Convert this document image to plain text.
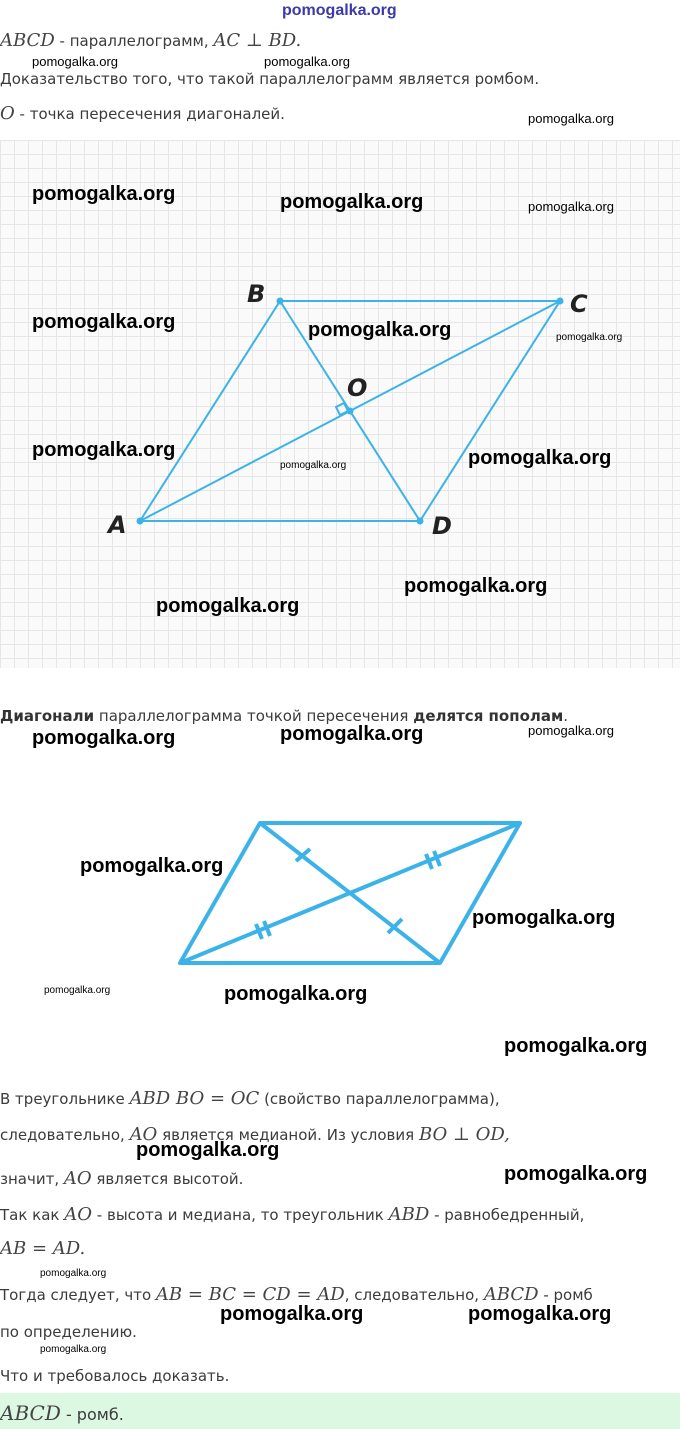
pomogalka.org
ABCD - параллелограмм, AC ⊥ BD.
Доказательство того, что такой параллелограмм является ромбом.
O - точка пересечения диагоналей.
A
B	C
D
O
Диагонали параллелограмма точкой пересечения делятся пополам.
В треугольнике ABD BO = OC (свойство параллелограмма),
следовательно, AO является медианой. Из условия BO ⊥ OD,
значит, AO является высотой.
Так как AO - высота и медиана, то треугольник ABD - равнобедренный,
AB = AD.
Тогда следует, что AB = BC = CD = AD, следовательно, ABCD - ромб
по определению.
Что и требовалось доказать.
ABCD - ромб.
pomogalka.org	pomogalka.org
pomogalka.org
pomogalka.org	pomogalka.org	pomogalka.org
pomogalka.org	pomogalka.org	pomogalka.org
pomogalka.org
pomogalka.org	pomogalka.org
pomogalka.org
pomogalka.org
pomogalka.org	pomogalka.org	pomogalka.org
pomogalka.org
pomogalka.org
pomogalka.org	pomogalka.org
pomogalka.org
pomogalka.org
pomogalka.org
pomogalka.org
pomogalka.org	pomogalka.org
pomogalka.org
